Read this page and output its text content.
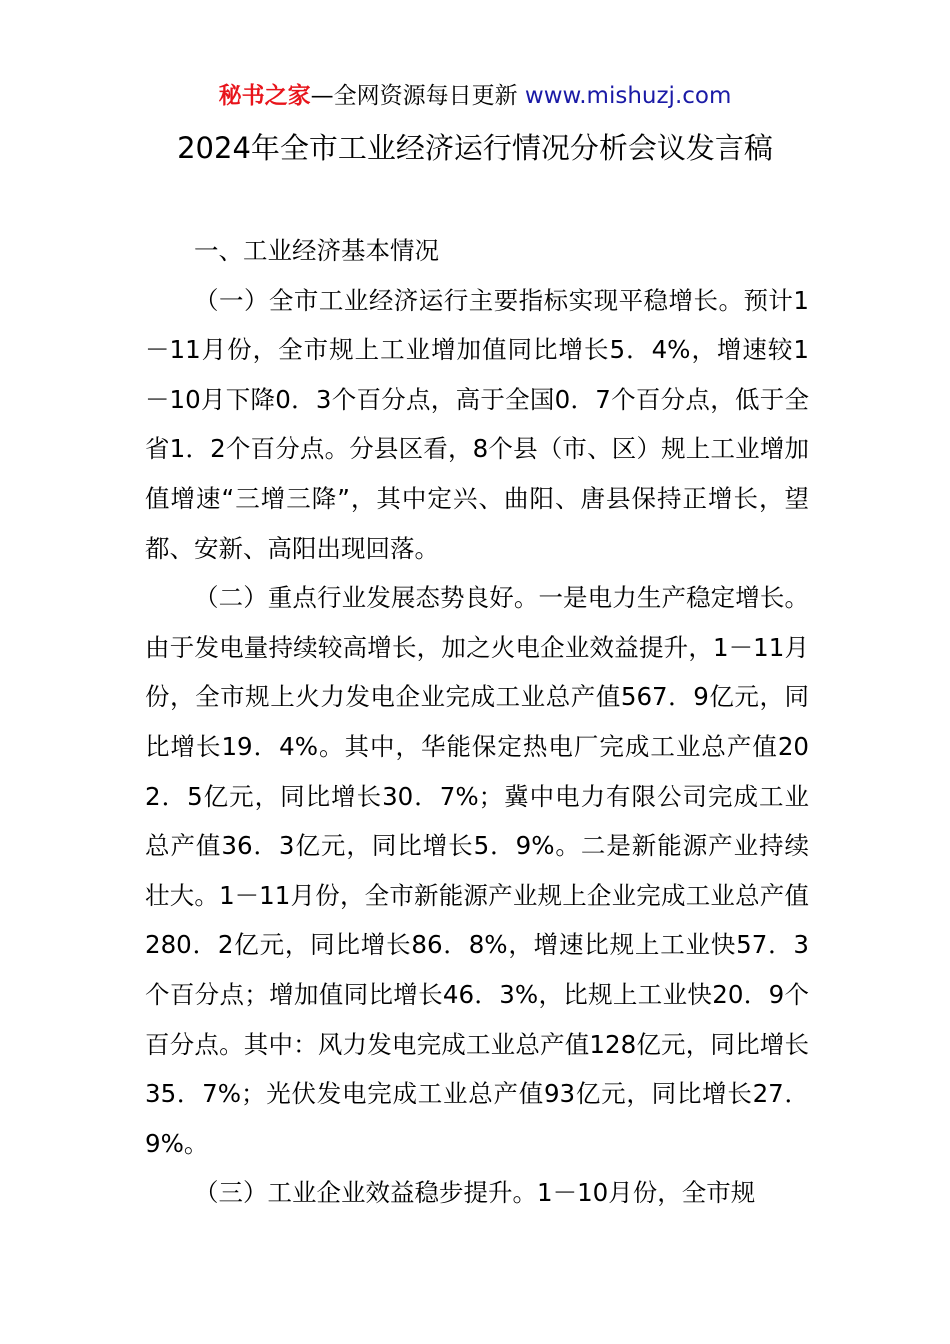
秘书之家—全网资源每日更新 www.mishuzj.com
2024年全市工业经济运行情况分析会议发言稿

一、工业经济基本情况

（一）全市工业经济运行主要指标实现平稳增长。预计1－11月份，全市规上工业增加值同比增长5．4%，增速较1－10月下降0．3个百分点，高于全国0．7个百分点，低于全省1．2个百分点。分县区看，8个县（市、区）规上工业增加值增速“三增三降”，其中定兴、曲阳、唐县保持正增长，望都、安新、高阳出现回落。

（二）重点行业发展态势良好。一是电力生产稳定增长。由于发电量持续较高增长，加之火电企业效益提升，1－11月份，全市规上火力发电企业完成工业总产值567．9亿元，同比增长19．4%。其中，华能保定热电厂完成工业总产值202．5亿元，同比增长30．7%；冀中电力有限公司完成工业总产值36．3亿元，同比增长5．9%。二是新能源产业持续壮大。1－11月份，全市新能源产业规上企业完成工业总产值280．2亿元，同比增长86．8%，增速比规上工业快57．3个百分点；增加值同比增长46．3%，比规上工业快20．9个百分点。其中：风力发电完成工业总产值128亿元，同比增长35．7%；光伏发电完成工业总产值93亿元，同比增长27．9%。

（三）工业企业效益稳步提升。1－10月份，全市规
